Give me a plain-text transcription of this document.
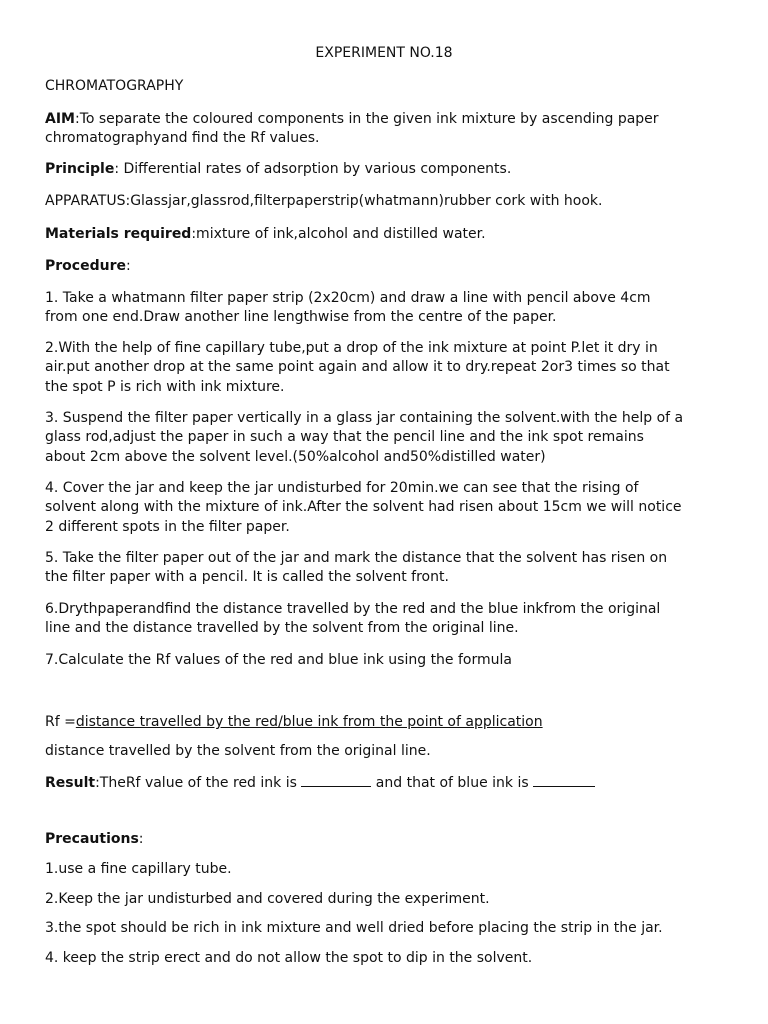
EXPERIMENT NO.18
CHROMATOGRAPHY
AIM:To separate the coloured components in the given ink mixture by ascending paper
chromatographyand find the Rf values.
Principle: Differential rates of adsorption by various components.
APPARATUS:Glassjar,glassrod,filterpaperstrip(whatmann)rubber cork with hook.
Materials required:mixture of ink,alcohol and distilled water.
Procedure:
1. Take a whatmann filter paper strip (2x20cm) and draw a line with pencil above 4cm
from one end.Draw another line lengthwise from the centre of the paper.
2.With the help of fine capillary tube,put a drop of the ink mixture at point P.let it dry in
air.put another drop at the same point again and allow it to dry.repeat 2or3 times so that
the spot P is rich with ink mixture.
3. Suspend the filter paper vertically in a glass jar containing the solvent.with the help of a
glass rod,adjust the paper in such a way that the pencil line and the ink spot remains
about 2cm above the solvent level.(50%alcohol and50%distilled water)
4. Cover the jar and keep the jar undisturbed for 20min.we can see that the rising of
solvent along with the mixture of ink.After the solvent had risen about 15cm we will notice
2 different spots in the filter paper.
5. Take the filter paper out of the jar and mark the distance that the solvent has risen on
the filter paper with a pencil. It is called the solvent front.
6.Drythpaperandfind the distance travelled by the red and the blue inkfrom the original
line and the distance travelled by the solvent from the original line.
7.Calculate the Rf values of the red and blue ink using the formula
Rf =distance travelled by the red/blue ink from the point of application
distance travelled by the solvent from the original line.
Result:TheRf value of the red ink is	and that of blue ink is
Precautions:
1.use a fine capillary tube.
2.Keep the jar undisturbed and covered during the experiment.
3.the spot should be rich in ink mixture and well dried before placing the strip in the jar.
4. keep the strip erect and do not allow the spot to dip in the solvent.
